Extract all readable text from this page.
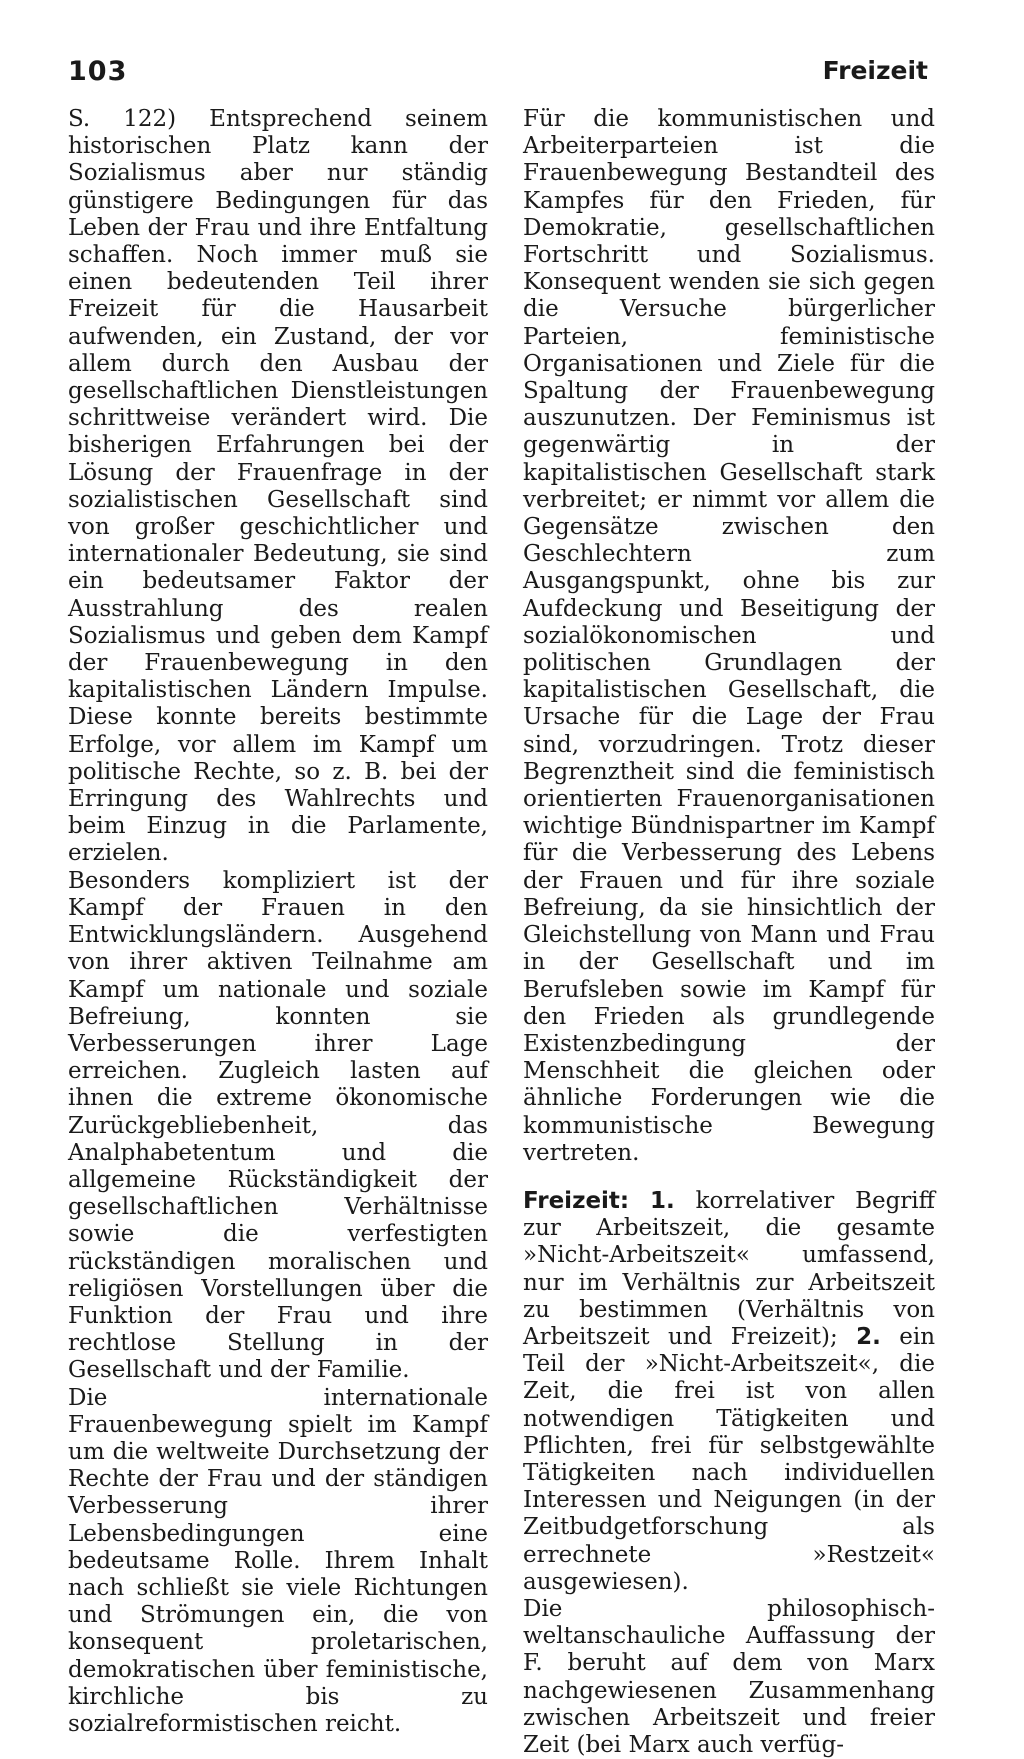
103	Freizeit

S. 122) Entsprechend seinem historischen Platz kann der Sozialismus aber nur ständig günstigere Bedingungen für das Leben der Frau und ihre Entfaltung schaffen. Noch immer muß sie einen bedeutenden Teil ihrer Freizeit für die Hausarbeit aufwenden, ein Zustand, der vor allem durch den Ausbau der gesellschaftlichen Dienstleistungen schrittweise verändert wird. Die bisherigen Erfahrungen bei der Lösung der Frauenfrage in der sozialistischen Gesellschaft sind von großer geschichtlicher und internationaler Bedeutung, sie sind ein bedeutsamer Faktor der Ausstrahlung des realen Sozialismus und geben dem Kampf der Frauenbewegung in den kapitalistischen Ländern Impulse. Diese konnte bereits bestimmte Erfolge, vor allem im Kampf um politische Rechte, so z. B. bei der Erringung des Wahlrechts und beim Einzug in die Parlamente, erzielen.

Besonders kompliziert ist der Kampf der Frauen in den Entwicklungsländern. Ausgehend von ihrer aktiven Teilnahme am Kampf um nationale und soziale Befreiung, konnten sie Verbesserungen ihrer Lage erreichen. Zugleich lasten auf ihnen die extreme ökonomische Zurückgebliebenheit, das Analphabetentum und die allgemeine Rückständigkeit der gesellschaftlichen Verhältnisse sowie die verfestigten rückständigen moralischen und religiösen Vorstellungen über die Funktion der Frau und ihre rechtlose Stellung in der Gesellschaft und der Familie.

Die internationale Frauenbewegung spielt im Kampf um die weltweite Durchsetzung der Rechte der Frau und der ständigen Verbesserung ihrer Lebensbedingungen eine bedeutsame Rolle. Ihrem Inhalt nach schließt sie viele Richtungen und Strömungen ein, die von konsequent proletarischen, demokratischen über feministische, kirchliche bis zu sozialreformistischen reicht.

Für die kommunistischen und Arbeiterparteien ist die Frauenbewegung Bestandteil des Kampfes für den Frieden, für Demokratie, gesellschaftlichen Fortschritt und Sozialismus. Konsequent wenden sie sich gegen die Versuche bürgerlicher Parteien, feministische Organisationen und Ziele für die Spaltung der Frauenbewegung auszunutzen. Der Feminismus ist gegenwärtig in der kapitalistischen Gesellschaft stark verbreitet; er nimmt vor allem die Gegensätze zwischen den Geschlechtern zum Ausgangspunkt, ohne bis zur Aufdeckung und Beseitigung der sozialökonomischen und politischen Grundlagen der kapitalistischen Gesellschaft, die Ursache für die Lage der Frau sind, vorzudringen. Trotz dieser Begrenztheit sind die feministisch orientierten Frauenorganisationen wichtige Bündnispartner im Kampf für die Verbesserung des Lebens der Frauen und für ihre soziale Befreiung, da sie hinsichtlich der Gleichstellung von Mann und Frau in der Gesellschaft und im Berufsleben sowie im Kampf für den Frieden als grundlegende Existenzbedingung der Menschheit die gleichen oder ähnliche Forderungen wie die kommunistische Bewegung vertreten.

Freizeit: 1. korrelativer Begriff zur Arbeitszeit, die gesamte »Nicht-Arbeitszeit« umfassend, nur im Verhältnis zur Arbeitszeit zu bestimmen (Verhältnis von Arbeitszeit und Freizeit); 2. ein Teil der »Nicht-Arbeitszeit«, die Zeit, die frei ist von allen notwendigen Tätigkeiten und Pflichten, frei für selbstgewählte Tätigkeiten nach individuellen Interessen und Neigungen (in der Zeitbudgetforschung als errechnete »Restzeit« ausgewiesen).

Die philosophisch-weltanschauliche Auffassung der F. beruht auf dem von Marx nachgewiesenen Zusammenhang zwischen Arbeitszeit und freier Zeit (bei Marx auch verfüg-
